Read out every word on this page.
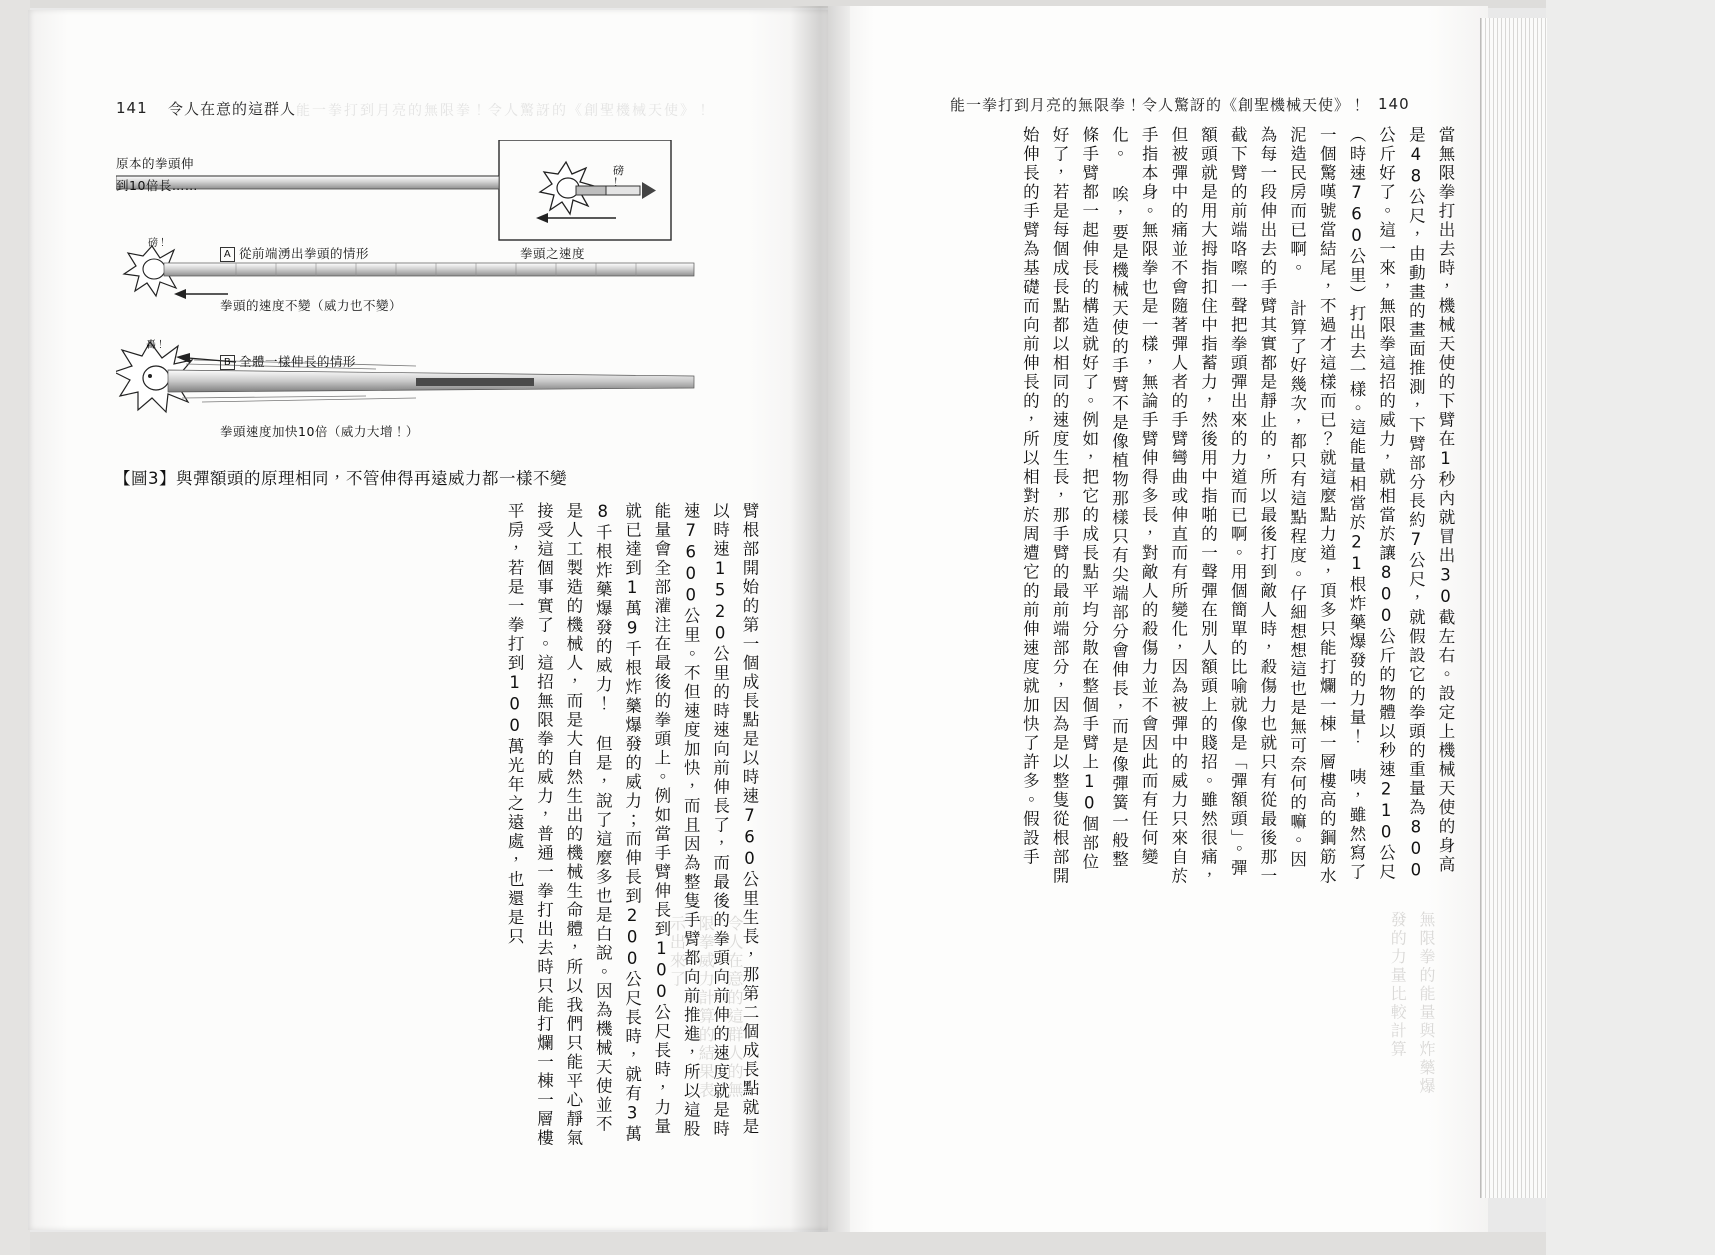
141 令人在意的這群人 能一拳打到月亮的無限拳！令人驚訝的《創聖機械天使》！
磅
！
磅 ！
轟 ！
原本的拳頭伸
到10倍長……
拳頭之速度
A 從前端湧出拳頭的情形
拳頭的速度不變（威力也不變）
B 全體一樣伸長的情形
拳頭速度加快10倍（威力大增！）
【圖3】與彈額頭的原理相同，不管伸得再遠威力都一樣不變
臂根部開始的第一個成長點是以時速760公里生長，那第二個成長點就是以時速1520公里的時速向前伸長了，而最後的拳頭向前伸的速度就是時速7600公里。不但速度加快，而且因為整隻手臂都向前推進，所以這股能量會全部灌注在最後的拳頭上。例如當手臂伸長到100公尺長時，力量就已達到1萬9千根炸藥爆發的威力；而伸長到200公尺長時，就有3萬8千根炸藥爆發的威力！ 但是，說了這麼多也是白說。因為機械天使並不是人工製造的機械人，而是大自然生出的機械生命體，所以我們只能平心靜氣接受這個事實了。這招無限拳的威力，普通一拳打出去時只能打爛一棟一層樓平房，若是一拳打到100萬光年之遠處，也還是只
令人在意的這群人的無限拳威力計算的結果表示出來了
能一拳打到月亮的無限拳！令人驚訝的《創聖機械天使》！ 140
當無限拳打出去時，機械天使的下臂在1秒內就冒出30截左右。設定上機械天使的身高是48公尺，由動畫的畫面推測，下臂部分長約7公尺，就假設它的拳頭的重量為800公斤好了。這一來，無限拳這招的威力，就相當於讓800公斤的物體以秒速210公尺（時速760公里）打出去一樣。這能量相當於21根炸藥爆發的力量！ 咦，雖然寫了一個驚嘆號當結尾，不過才這樣而已？就這麼點力道，頂多只能打爛一棟一層樓高的鋼筋水泥造民房而已啊。 計算了好幾次，都只有這點程度。仔細想想這也是無可奈何的嘛。因為每一段伸出去的手臂其實都是靜止的，所以最後打到敵人時，殺傷力也就只有從最後那一截下臂的前端咯嚓一聲把拳頭彈出來的力道而已啊。用個簡單的比喻就像是「彈額頭」。彈額頭就是用大拇指扣住中指蓄力，然後用中指啪的一聲彈在別人額頭上的賤招。雖然很痛，但被彈中的痛並不會隨著彈人者的手臂彎曲或伸直而有所變化，因為被彈中的威力只來自於手指本身。無限拳也是一樣，無論手臂伸得多長，對敵人的殺傷力並不會因此而有任何變化。 唉，要是機械天使的手臂不是像植物那樣只有尖端部分會伸長，而是像彈簧一般整條手臂都一起伸長的構造就好了。例如，把它的成長點平均分散在整個手臂上10個部位好了，若是每個成長點都以相同的速度生長，那手臂的最前端部分，因為是以整隻從根部開始伸長的手臂為基礎而向前伸長的，所以相對於周遭它的前伸速度就加快了許多。假設手
無限拳的能量與炸藥爆發的力量比較計算
